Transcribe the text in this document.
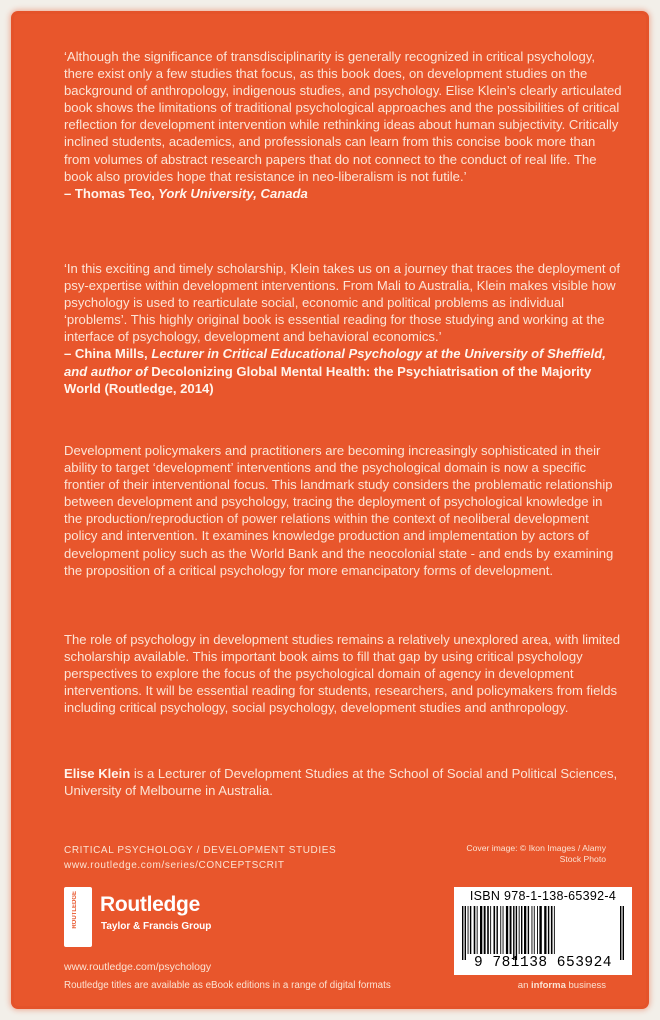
‘Although the significance of transdisciplinarity is generally recognized in critical psychology, there exist only a few studies that focus, as this book does, on development studies on the background of anthropology, indigenous studies, and psychology. Elise Klein’s clearly articulated book shows the limitations of traditional psychological approaches and the possibilities of critical reflection for development intervention while rethinking ideas about human subjectivity. Critically inclined students, academics, and professionals can learn from this concise book more than from volumes of abstract research papers that do not connect to the conduct of real life. The book also provides hope that resistance in neo-liberalism is not futile.’
– Thomas Teo, York University, Canada

‘In this exciting and timely scholarship, Klein takes us on a journey that traces the deployment of psy-expertise within development interventions. From Mali to Australia, Klein makes visible how psychology is used to rearticulate social, economic and political problems as individual ‘problems’. This highly original book is essential reading for those studying and working at the interface of psychology, development and behavioral economics.’
– China Mills, Lecturer in Critical Educational Psychology at the University of Sheffield, and author of Decolonizing Global Mental Health: the Psychiatrisation of the Majority World (Routledge, 2014)

Development policymakers and practitioners are becoming increasingly sophisticated in their ability to target ‘development’ interventions and the psychological domain is now a specific frontier of their interventional focus. This landmark study considers the problematic relationship between development and psychology, tracing the deployment of psychological knowledge in the production/reproduction of power relations within the context of neoliberal development policy and intervention. It examines knowledge production and implementation by actors of development policy such as the World Bank and the neocolonial state - and ends by examining the proposition of a critical psychology for more emancipatory forms of development.

The role of psychology in development studies remains a relatively unexplored area, with limited scholarship available. This important book aims to fill that gap by using critical psychology perspectives to explore the focus of the psychological domain of agency in development interventions. It will be essential reading for students, researchers, and policymakers from fields including critical psychology, social psychology, development studies and anthropology.

Elise Klein is a Lecturer of Development Studies at the School of Social and Political Sciences, University of Melbourne in Australia.

CRITICAL PSYCHOLOGY / DEVELOPMENT STUDIES
www.routledge.com/series/CONCEPTSCRIT
Cover image: © Ikon Images / Alamy Stock Photo
ROUTLEDGE Routledge
Taylor & Francis Group
www.routledge.com/psychology
Routledge titles are available as eBook editions in a range of digital formats	an informa business
ISBN 978-1-138-65392-4
9 781138 653924
